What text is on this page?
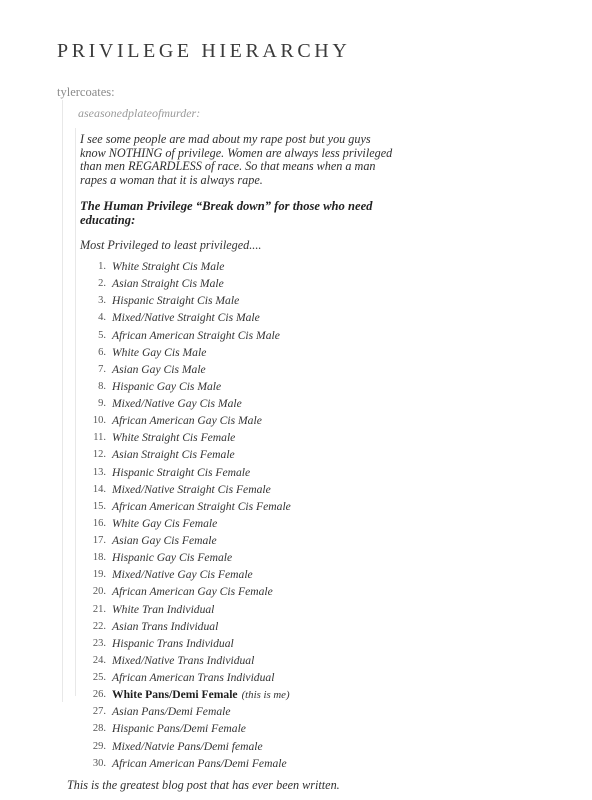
PRIVILEGE HIERARCHY
tylercoates:
aseasonedplateofmurder:
I see some people are mad about my rape post but you guys
know NOTHING of privilege. Women are always less privileged
than men REGARDLESS of race. So that means when a man
rapes a woman that it is always rape.
The Human Privilege “Break down” for those who need
educating:
Most Privileged to least privileged....
1. White Straight Cis Male
2. Asian Straight Cis Male
3. Hispanic Straight Cis Male
4. Mixed/Native Straight Cis Male
5. African American Straight Cis Male
6. White Gay Cis Male
7. Asian Gay Cis Male
8. Hispanic Gay Cis Male
9. Mixed/Native Gay Cis Male
10. African American Gay Cis Male
11. White Straight Cis Female
12. Asian Straight Cis Female
13. Hispanic Straight Cis Female
14. Mixed/Native Straight Cis Female
15. African American Straight Cis Female
16. White Gay Cis Female
17. Asian Gay Cis Female
18. Hispanic Gay Cis Female
19. Mixed/Native Gay Cis Female
20. African American Gay Cis Female
21. White Tran Individual
22. Asian Trans Individual
23. Hispanic Trans Individual
24. Mixed/Native Trans Individual
25. African American Trans Individual
26. White Pans/Demi Female (this is me)
27. Asian Pans/Demi Female
28. Hispanic Pans/Demi Female
29. Mixed/Natvie Pans/Demi female
30. African American Pans/Demi Female
This is the greatest blog post that has ever been written.
